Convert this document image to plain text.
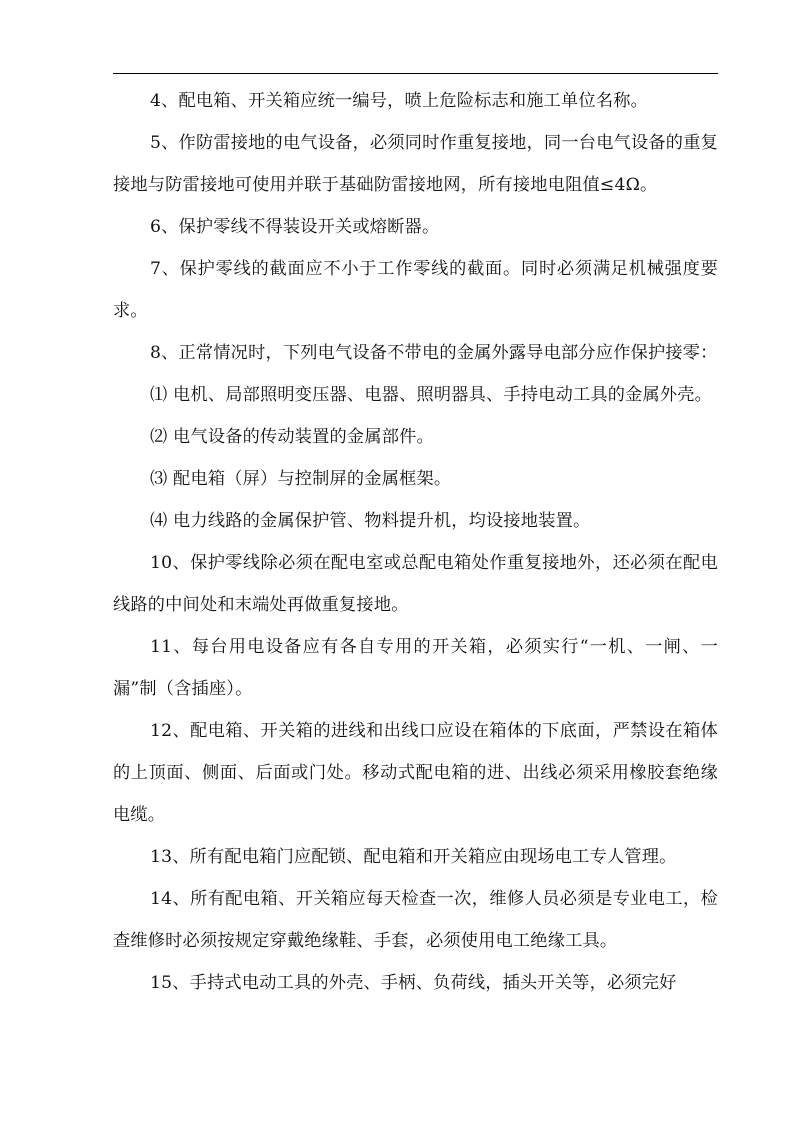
4、配电箱、开关箱应统一编号，喷上危险标志和施工单位名称。

5、作防雷接地的电气设备，必须同时作重复接地，同一台电气设备的重复接地与防雷接地可使用并联于基础防雷接地网，所有接地电阻值≤4Ω。

6、保护零线不得装设开关或熔断器。

7、保护零线的截面应不小于工作零线的截面。同时必须满足机械强度要求。

8、正常情况时，下列电气设备不带电的金属外露导电部分应作保护接零：

⑴ 电机、局部照明变压器、电器、照明器具、手持电动工具的金属外壳。

⑵ 电气设备的传动装置的金属部件。

⑶ 配电箱（屏）与控制屏的金属框架。

⑷ 电力线路的金属保护管、物料提升机，均设接地装置。

10、保护零线除必须在配电室或总配电箱处作重复接地外，还必须在配电线路的中间处和末端处再做重复接地。

11、每台用电设备应有各自专用的开关箱，必须实行“一机、一闸、一漏”制（含插座）。

12、配电箱、开关箱的进线和出线口应设在箱体的下底面，严禁设在箱体的上顶面、侧面、后面或门处。移动式配电箱的进、出线必须采用橡胶套绝缘电缆。

13、所有配电箱门应配锁、配电箱和开关箱应由现场电工专人管理。

14、所有配电箱、开关箱应每天检查一次，维修人员必须是专业电工，检查维修时必须按规定穿戴绝缘鞋、手套，必须使用电工绝缘工具。

15、手持式电动工具的外壳、手柄、负荷线，插头开关等，必须完好
